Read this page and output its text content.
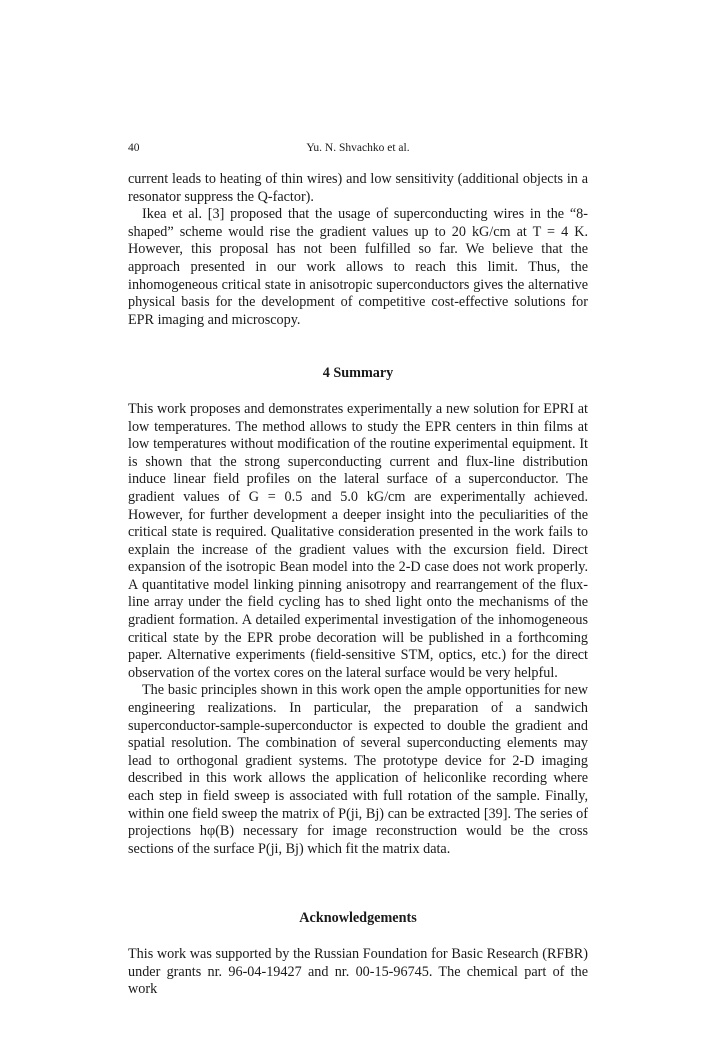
40	Yu. N. Shvachko et al.

current leads to heating of thin wires) and low sensitivity (additional objects in a resonator suppress the Q-factor).

Ikea et al. [3] proposed that the usage of superconducting wires in the “8-shaped” scheme would rise the gradient values up to 20 kG/cm at T = 4 K. However, this proposal has not been fulfilled so far. We believe that the approach presented in our work allows to reach this limit. Thus, the inhomogeneous critical state in anisotropic superconductors gives the alternative physical basis for the development of competitive cost-effective solutions for EPR imaging and microscopy.

4 Summary

This work proposes and demonstrates experimentally a new solution for EPRI at low temperatures. The method allows to study the EPR centers in thin films at low temperatures without modification of the routine experimental equipment. It is shown that the strong superconducting current and flux-line distribution induce linear field profiles on the lateral surface of a superconductor. The gradient values of G = 0.5 and 5.0 kG/cm are experimentally achieved. However, for further development a deeper insight into the peculiarities of the critical state is required. Qualitative consideration presented in the work fails to explain the increase of the gradient values with the excursion field. Direct expansion of the isotropic Bean model into the 2-D case does not work properly. A quantitative model linking pinning anisotropy and rearrangement of the flux-line array under the field cycling has to shed light onto the mechanisms of the gradient formation. A detailed experimental investigation of the inhomogeneous critical state by the EPR probe decoration will be published in a forthcoming paper. Alternative experiments (field-sensitive STM, optics, etc.) for the direct observation of the vortex cores on the lateral surface would be very helpful.

The basic principles shown in this work open the ample opportunities for new engineering realizations. In particular, the preparation of a sandwich superconductor-sample-superconductor is expected to double the gradient and spatial resolution. The combination of several superconducting elements may lead to orthogonal gradient systems. The prototype device for 2-D imaging described in this work allows the application of heliconlike recording where each step in field sweep is associated with full rotation of the sample. Finally, within one field sweep the matrix of P(ji, Bj) can be extracted [39]. The series of projections hφ(B) necessary for image reconstruction would be the cross sections of the surface P(ji, Bj) which fit the matrix data.

Acknowledgements

This work was supported by the Russian Foundation for Basic Research (RFBR) under grants nr. 96-04-19427 and nr. 00-15-96745. The chemical part of the work
